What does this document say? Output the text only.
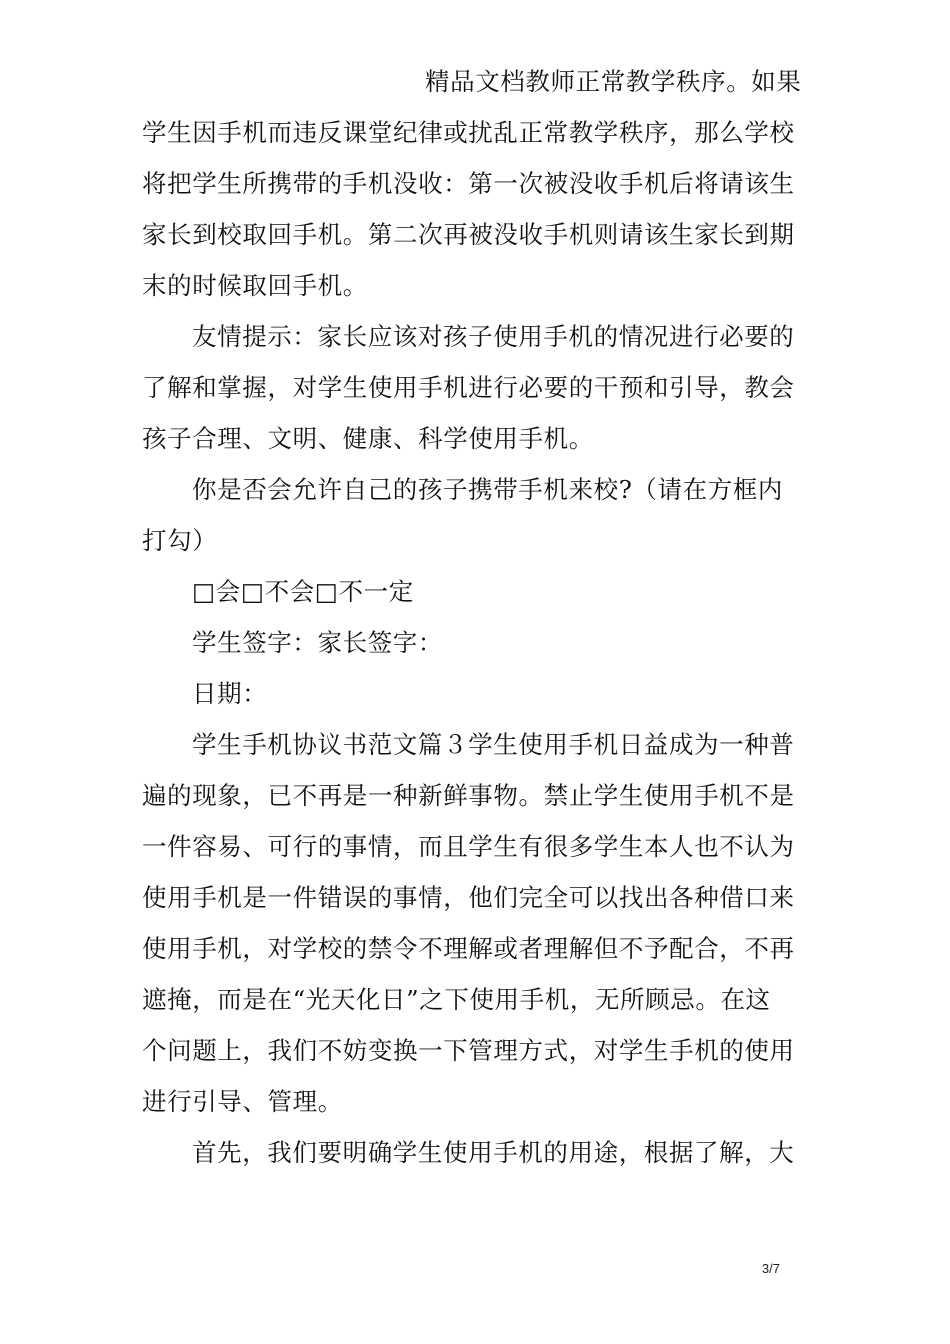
精品文档教师正常教学秩序。如果
学生因手机而违反课堂纪律或扰乱正常教学秩序，那么学校
将把学生所携带的手机没收：第一次被没收手机后将请该生
家长到校取回手机。第二次再被没收手机则请该生家长到期
末的时候取回手机。
友情提示：家长应该对孩子使用手机的情况进行必要的
了解和掌握，对学生使用手机进行必要的干预和引导，教会
孩子合理、文明、健康、科学使用手机。
你是否会允许自己的孩子携带手机来校?（请在方框内
打勾）
□会□不会□不一定
学生签字：家长签字：
日期：
学生手机协议书范文篇３学生使用手机日益成为一种普
遍的现象，已不再是一种新鲜事物。禁止学生使用手机不是
一件容易、可行的事情，而且学生有很多学生本人也不认为
使用手机是一件错误的事情，他们完全可以找出各种借口来
使用手机，对学校的禁令不理解或者理解但不予配合，不再
遮掩，而是在“光天化日”之下使用手机，无所顾忌。在这
个问题上，我们不妨变换一下管理方式，对学生手机的使用
进行引导、管理。
首先，我们要明确学生使用手机的用途，根据了解，大
3/7
